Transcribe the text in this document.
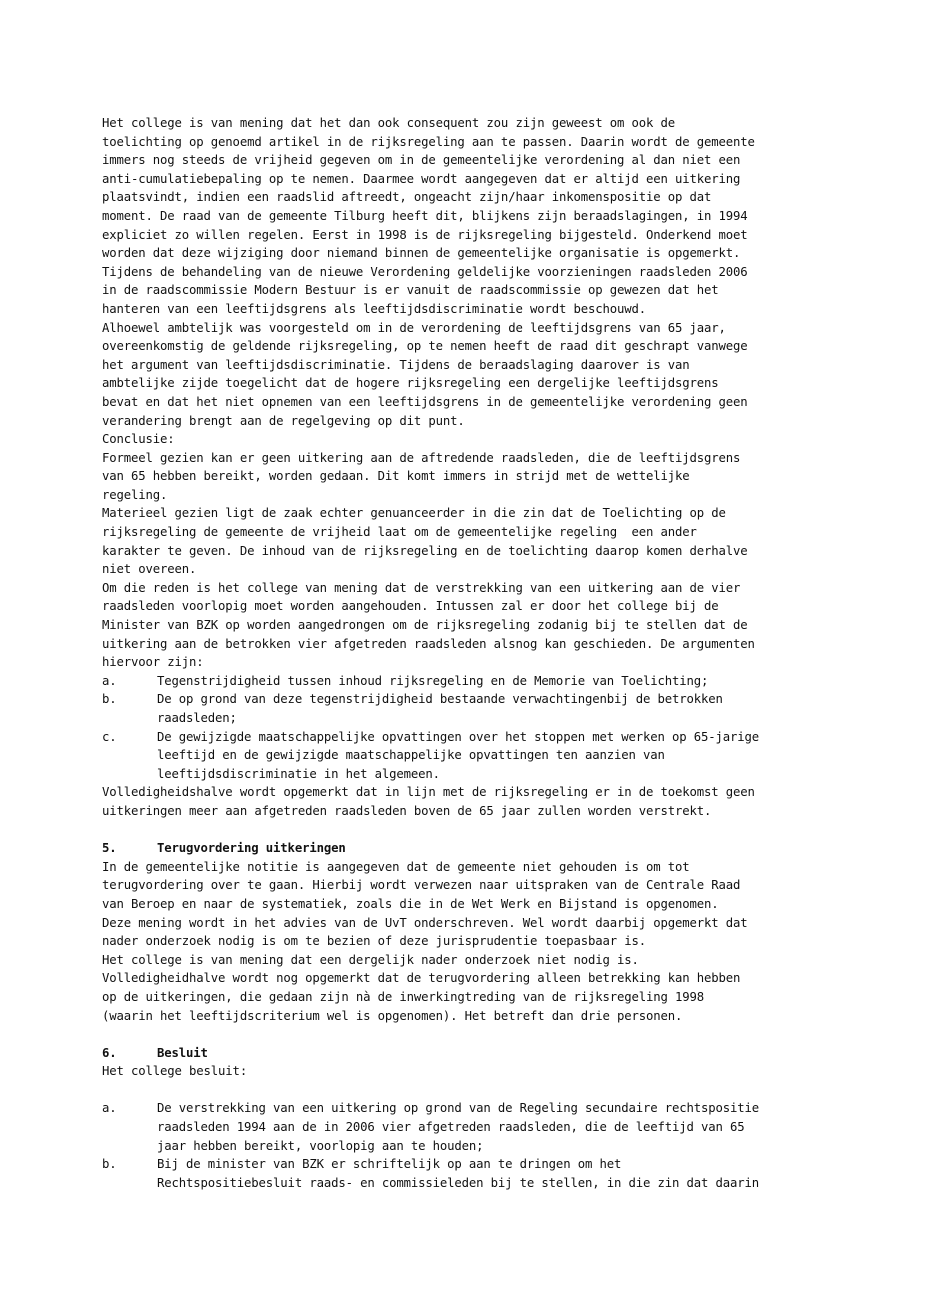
Het college is van mening dat het dan ook consequent zou zijn geweest om ook de
toelichting op genoemd artikel in de rijksregeling aan te passen. Daarin wordt de gemeente
immers nog steeds de vrijheid gegeven om in de gemeentelijke verordening al dan niet een
anti-cumulatiebepaling op te nemen. Daarmee wordt aangegeven dat er altijd een uitkering
plaatsvindt, indien een raadslid aftreedt, ongeacht zijn/haar inkomenspositie op dat
moment. De raad van de gemeente Tilburg heeft dit, blijkens zijn beraadslagingen, in 1994
expliciet zo willen regelen. Eerst in 1998 is de rijksregeling bijgesteld. Onderkend moet
worden dat deze wijziging door niemand binnen de gemeentelijke organisatie is opgemerkt.
Tijdens de behandeling van de nieuwe Verordening geldelijke voorzieningen raadsleden 2006
in de raadscommissie Modern Bestuur is er vanuit de raadscommissie op gewezen dat het
hanteren van een leeftijdsgrens als leeftijdsdiscriminatie wordt beschouwd.
Alhoewel ambtelijk was voorgesteld om in de verordening de leeftijdsgrens van 65 jaar,
overeenkomstig de geldende rijksregeling, op te nemen heeft de raad dit geschrapt vanwege
het argument van leeftijdsdiscriminatie. Tijdens de beraadslaging daarover is van
ambtelijke zijde toegelicht dat de hogere rijksregeling een dergelijke leeftijdsgrens
bevat en dat het niet opnemen van een leeftijdsgrens in de gemeentelijke verordening geen
verandering brengt aan de regelgeving op dit punt.
Conclusie:
Formeel gezien kan er geen uitkering aan de aftredende raadsleden, die de leeftijdsgrens
van 65 hebben bereikt, worden gedaan. Dit komt immers in strijd met de wettelijke
regeling.
Materieel gezien ligt de zaak echter genuanceerder in die zin dat de Toelichting op de
rijksregeling de gemeente de vrijheid laat om de gemeentelijke regeling  een ander
karakter te geven. De inhoud van de rijksregeling en de toelichting daarop komen derhalve
niet overeen.
Om die reden is het college van mening dat de verstrekking van een uitkering aan de vier
raadsleden voorlopig moet worden aangehouden. Intussen zal er door het college bij de
Minister van BZK op worden aangedrongen om de rijksregeling zodanig bij te stellen dat de
uitkering aan de betrokken vier afgetreden raadsleden alsnog kan geschieden. De argumenten
hiervoor zijn:
a.	Tegenstrijdigheid tussen inhoud rijksregeling en de Memorie van Toelichting;
b.	De op grond van deze tegenstrijdigheid bestaande verwachtingenbij de betrokken
raadsleden;
c.	De gewijzigde maatschappelijke opvattingen over het stoppen met werken op 65-jarige
leeftijd en de gewijzigde maatschappelijke opvattingen ten aanzien van
leeftijdsdiscriminatie in het algemeen.
Volledigheidshalve wordt opgemerkt dat in lijn met de rijksregeling er in de toekomst geen
uitkeringen meer aan afgetreden raadsleden boven de 65 jaar zullen worden verstrekt.
5.	Terugvordering uitkeringen
In de gemeentelijke notitie is aangegeven dat de gemeente niet gehouden is om tot
terugvordering over te gaan. Hierbij wordt verwezen naar uitspraken van de Centrale Raad
van Beroep en naar de systematiek, zoals die in de Wet Werk en Bijstand is opgenomen.
Deze mening wordt in het advies van de UvT onderschreven. Wel wordt daarbij opgemerkt dat
nader onderzoek nodig is om te bezien of deze jurisprudentie toepasbaar is.
Het college is van mening dat een dergelijk nader onderzoek niet nodig is.
Volledigheidhalve wordt nog opgemerkt dat de terugvordering alleen betrekking kan hebben
op de uitkeringen, die gedaan zijn nà de inwerkingtreding van de rijksregeling 1998
(waarin het leeftijdscriterium wel is opgenomen). Het betreft dan drie personen.
6.	Besluit
Het college besluit:
a.	De verstrekking van een uitkering op grond van de Regeling secundaire rechtspositie
raadsleden 1994 aan de in 2006 vier afgetreden raadsleden, die de leeftijd van 65
jaar hebben bereikt, voorlopig aan te houden;
b.	Bij de minister van BZK er schriftelijk op aan te dringen om het
Rechtspositiebesluit raads- en commissieleden bij te stellen, in die zin dat daarin
